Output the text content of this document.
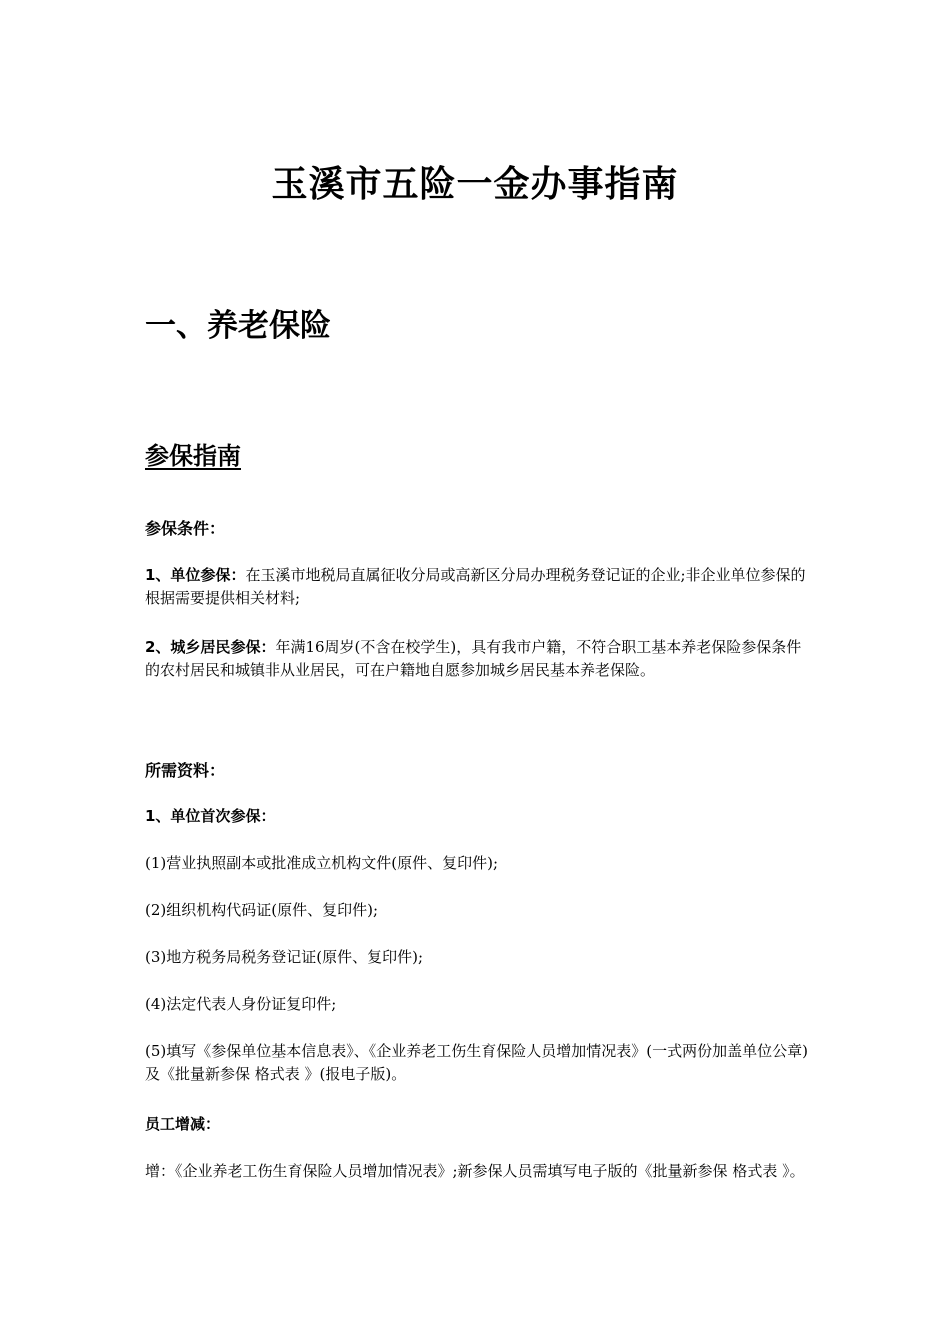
玉溪市五险一金办事指南
一、养老保险
参保指南
参保条件：
1、单位参保：在玉溪市地税局直属征收分局或高新区分局办理税务登记证的企业;非企业单位参保的根据需要提供相关材料;
2、城乡居民参保：年满16周岁(不含在校学生)，具有我市户籍，不符合职工基本养老保险参保条件的农村居民和城镇非从业居民，可在户籍地自愿参加城乡居民基本养老保险。
所需资料：
1、单位首次参保：
(1)营业执照副本或批准成立机构文件(原件、复印件);
(2)组织机构代码证(原件、复印件);
(3)地方税务局税务登记证(原件、复印件);
(4)法定代表人身份证复印件;
(5)填写《参保单位基本信息表》、《企业养老工伤生育保险人员增加情况表》(一式两份加盖单位公章)及《批量新参保 格式表 》(报电子版)。
员工增减：
增：《企业养老工伤生育保险人员增加情况表》;新参保人员需填写电子版的《批量新参保 格式表 》。
